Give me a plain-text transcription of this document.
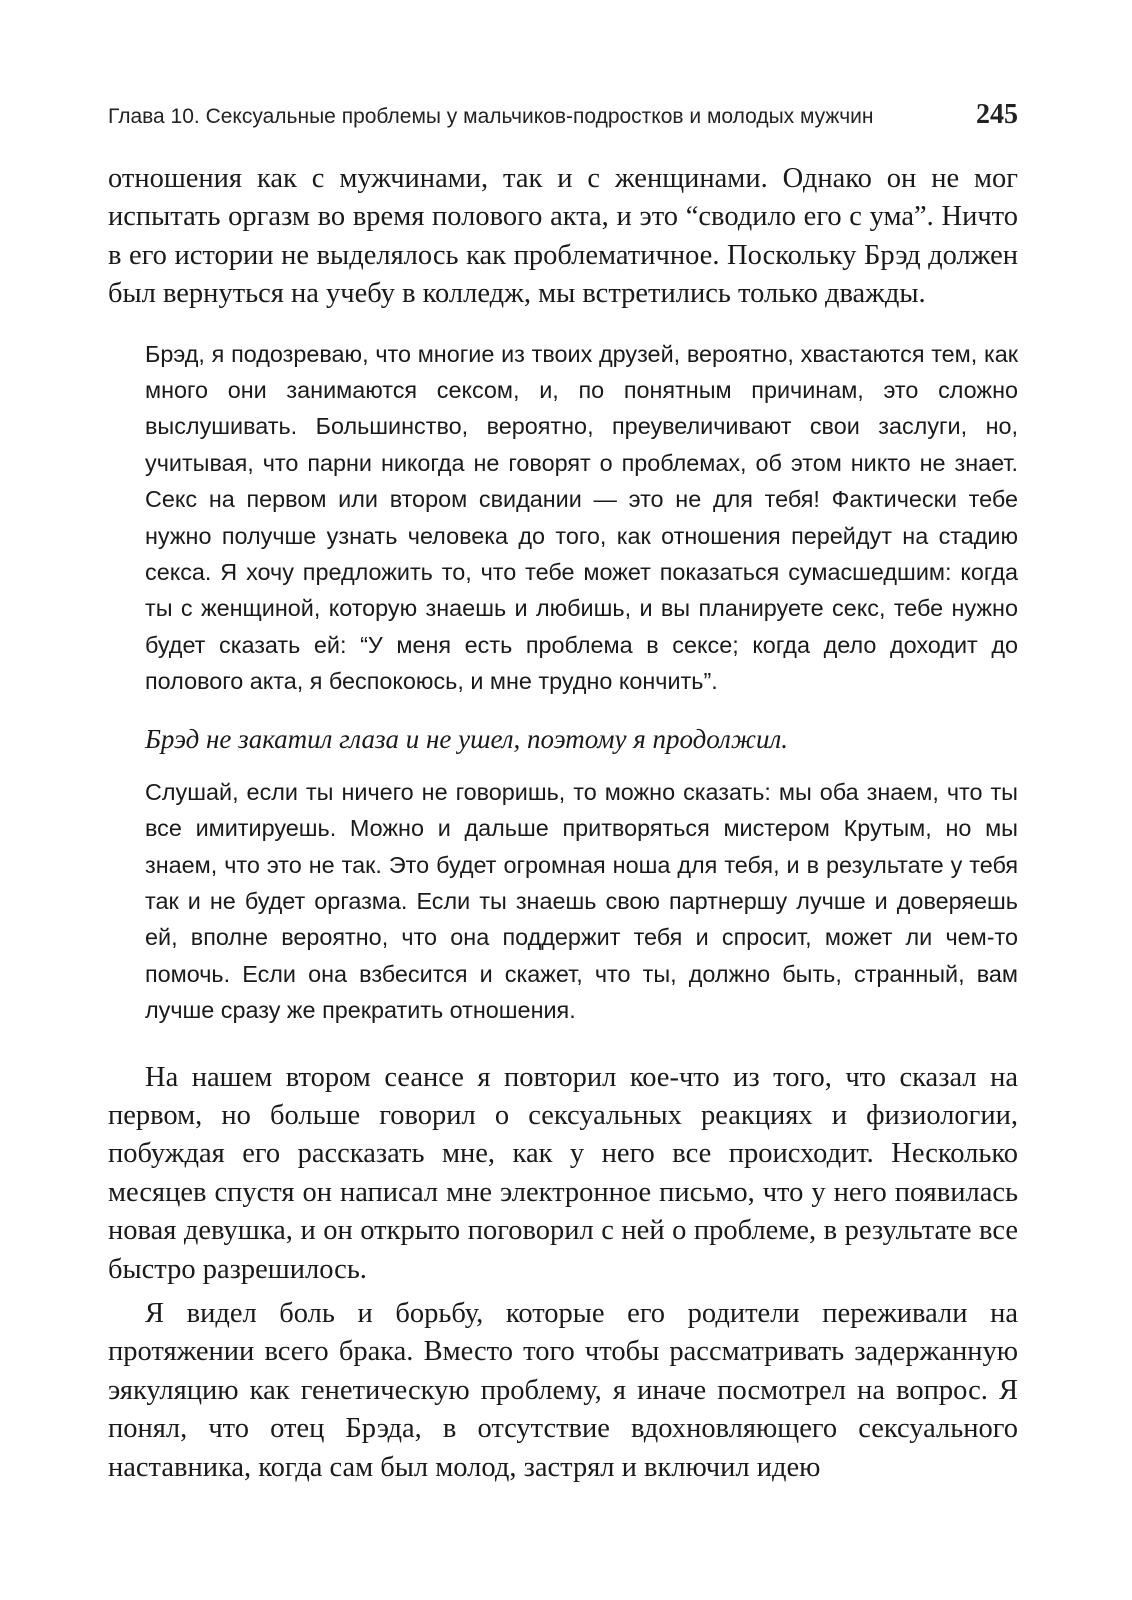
Глава 10. Сексуальные проблемы у мальчиков-подростков и молодых мужчин	245

отношения как с мужчинами, так и с женщинами. Однако он не мог испытать оргазм во время полового акта, и это “сводило его с ума”. Ничто в его истории не выделялось как проблематичное. Поскольку Брэд должен был вернуться на учебу в колледж, мы встретились только дважды.

Брэд, я подозреваю, что многие из твоих друзей, вероятно, хвастаются тем, как много они занимаются сексом, и, по понятным причинам, это сложно выслушивать. Большинство, вероятно, преувеличивают свои заслуги, но, учитывая, что парни никогда не говорят о проблемах, об этом никто не знает. Секс на первом или втором свидании — это не для тебя! Фактически тебе нужно получше узнать человека до того, как отношения перейдут на стадию секса. Я хочу предложить то, что тебе может показаться сумасшедшим: когда ты с женщиной, которую знаешь и любишь, и вы планируете секс, тебе нужно будет сказать ей: “У меня есть проблема в сексе; когда дело доходит до полового акта, я беспокоюсь, и мне трудно кончить”.

Брэд не закатил глаза и не ушел, поэтому я продолжил.

Слушай, если ты ничего не говоришь, то можно сказать: мы оба знаем, что ты все имитируешь. Можно и дальше притворяться мистером Крутым, но мы знаем, что это не так. Это будет огромная ноша для тебя, и в результате у тебя так и не будет оргазма. Если ты знаешь свою партнершу лучше и доверяешь ей, вполне вероятно, что она поддержит тебя и спросит, может ли чем-то помочь. Если она взбесится и скажет, что ты, должно быть, странный, вам лучше сразу же прекратить отношения.

На нашем втором сеансе я повторил кое-что из того, что сказал на первом, но больше говорил о сексуальных реакциях и физиологии, побуждая его рассказать мне, как у него все происходит. Несколько месяцев спустя он написал мне электронное письмо, что у него появилась новая девушка, и он открыто поговорил с ней о проблеме, в результате все быстро разрешилось.

Я видел боль и борьбу, которые его родители переживали на протяжении всего брака. Вместо того чтобы рассматривать задержанную эякуляцию как генетическую проблему, я иначе посмотрел на вопрос. Я понял, что отец Брэда, в отсутствие вдохновляющего сексуального наставника, когда сам был молод, застрял и включил идею
